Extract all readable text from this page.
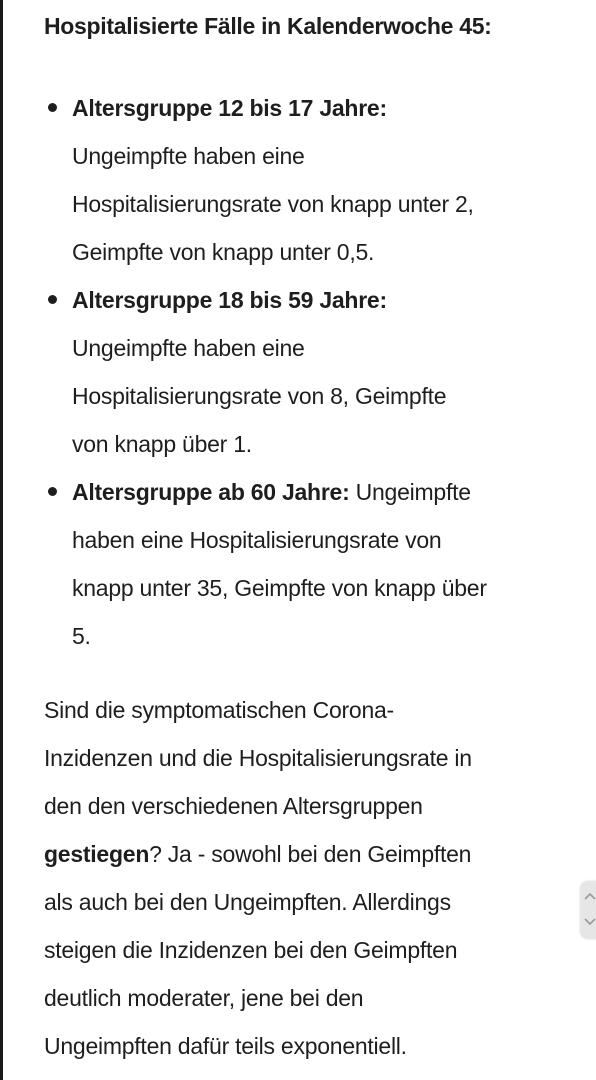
Hospitalisierte Fälle in Kalenderwoche 45:
Altersgruppe 12 bis 17 Jahre:
Ungeimpfte haben eine
Hospitalisierungsrate von knapp unter 2,
Geimpfte von knapp unter 0,5.
Altersgruppe 18 bis 59 Jahre:
Ungeimpfte haben eine
Hospitalisierungsrate von 8, Geimpfte
von knapp über 1.
Altersgruppe ab 60 Jahre: Ungeimpfte
haben eine Hospitalisierungsrate von
knapp unter 35, Geimpfte von knapp über
5.
Sind die symptomatischen Corona-
Inzidenzen und die Hospitalisierungsrate in
den den verschiedenen Altersgruppen
gestiegen? Ja - sowohl bei den Geimpften
als auch bei den Ungeimpften. Allerdings
steigen die Inzidenzen bei den Geimpften
deutlich moderater, jene bei den
Ungeimpften dafür teils exponentiell.
